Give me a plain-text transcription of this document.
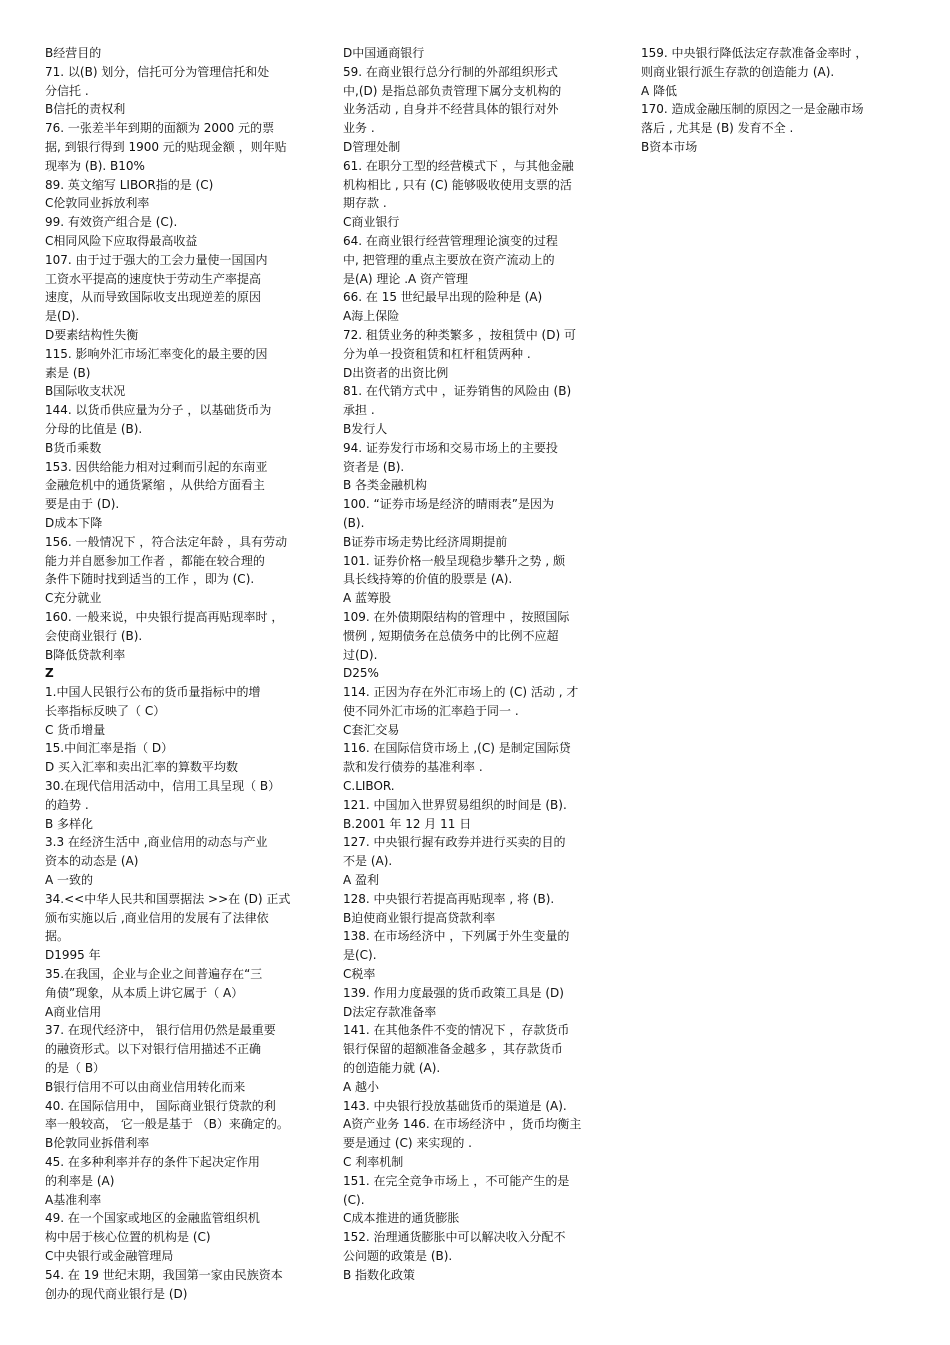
B经营目的
71. 以(B) 划分，信托可分为管理信托和处
分信托 .
B信托的责权利
76. 一张差半年到期的面额为 2000 元的票
据, 到银行得到 1900 元的贴现金额 ，则年贴
现率为 (B). B10%
89. 英文缩写 LIBOR指的是 (C)
C伦敦同业拆放利率
99. 有效资产组合是 (C).
C相同风险下应取得最高收益
107. 由于过于强大的工会力量使一国国内
工资水平提高的速度快于劳动生产率提高
速度，从而导致国际收支出现逆差的原因
是(D).
D要素结构性失衡
115. 影响外汇市场汇率变化的最主要的因
素是 (B)
B国际收支状况
144. 以货币供应量为分子 ，以基础货币为
分母的比值是 (B).
B货币乘数
153. 因供给能力相对过剩而引起的东南亚
金融危机中的通货紧缩 ，从供给方面看主
要是由于 (D).
D成本下降
156. 一般情况下 ，符合法定年龄 ，具有劳动
能力并自愿参加工作者 ，都能在较合理的
条件下随时找到适当的工作 ，即为 (C).
C充分就业
160. 一般来说，中央银行提高再贴现率时 ，
会使商业银行 (B).
B降低贷款利率
Z
1.中国人民银行公布的货币量指标中的增
长率指标反映了（ C）
C 货币增量
15.中间汇率是指（ D）
D 买入汇率和卖出汇率的算数平均数
30.在现代信用活动中，信用工具呈现（ B）
的趋势 .
B 多样化
3.3 在经济生活中 ,商业信用的动态与产业
资本的动态是 (A)
A 一致的
34.<<中华人民共和国票据法 >>在 (D) 正式
颁布实施以后 ,商业信用的发展有了法律依
据。
D1995 年
35.在我国，企业与企业之间普遍存在“三
角债”现象，从本质上讲它属于（ A）
A商业信用
37. 在现代经济中， 银行信用仍然是最重要
的融资形式。以下对银行信用描述不正确
的是（ B）
B银行信用不可以由商业信用转化而来
40. 在国际信用中， 国际商业银行贷款的利
率一般较高， 它一般是基于 （B）来确定的。
B伦敦同业拆借利率
45. 在多种利率并存的条件下起决定作用
的利率是 (A)
A基准利率
49. 在一个国家或地区的金融监管组织机
构中居于核心位置的机构是 (C)
C中央银行或金融管理局
54. 在 19 世纪末期，我国第一家由民族资本
创办的现代商业银行是 (D)
D中国通商银行
59. 在商业银行总分行制的外部组织形式
中,(D) 是指总部负责管理下属分支机构的
业务活动 , 自身并不经营具体的银行对外
业务 .
D管理处制
61. 在职分工型的经营模式下 ，与其他金融
机构相比 , 只有 (C) 能够吸收使用支票的活
期存款 .
C商业银行
64. 在商业银行经营管理理论演变的过程
中, 把管理的重点主要放在资产流动上的
是(A) 理论 .A 资产管理
66. 在 15 世纪最早出现的险种是 (A)
A海上保险
72. 租赁业务的种类繁多 ，按租赁中 (D) 可
分为单一投资租赁和杠杆租赁两种 .
D出资者的出资比例
81. 在代销方式中 ，证券销售的风险由 (B)
承担 .
B发行人
94. 证券发行市场和交易市场上的主要投
资者是 (B).
B 各类金融机构
100. “证券市场是经济的晴雨表”是因为
(B).
B证券市场走势比经济周期提前
101. 证券价格一般呈现稳步攀升之势 , 颇
具长线持筹的价值的股票是 (A).
A 蓝筹股
109. 在外债期限结构的管理中 ，按照国际
惯例 , 短期债务在总债务中的比例不应超
过(D).
D25%
114. 正因为存在外汇市场上的 (C) 活动 , 才
使不同外汇市场的汇率趋于同一 .
C套汇交易
116. 在国际信贷市场上 ,(C) 是制定国际贷
款和发行债券的基准利率 .
C.LIBOR.
121. 中国加入世界贸易组织的时间是 (B).
B.2001 年 12 月 11 日
127. 中央银行握有政券并进行买卖的目的
不是 (A).
A 盈利
128. 中央银行若提高再贴现率 , 将 (B).
B迫使商业银行提高贷款利率
138. 在市场经济中 ，下列属于外生变量的
是(C).
C税率
139. 作用力度最强的货币政策工具是 (D)
D法定存款准备率
141. 在其他条件不变的情况下 ，存款货币
银行保留的超额准备金越多 ，其存款货币
的创造能力就 (A).
A 越小
143. 中央银行投放基础货币的渠道是 (A).
A资产业务 146. 在市场经济中 ，货币均衡主
要是通过 (C) 来实现的 .
C 利率机制
151. 在完全竞争市场上 ，不可能产生的是
(C).
C成本推进的通货膨胀
152. 治理通货膨胀中可以解决收入分配不
公问题的政策是 (B).
B 指数化政策
159. 中央银行降低法定存款准备金率时 ，
则商业银行派生存款的创造能力 (A).
A 降低
170. 造成金融压制的原因之一是金融市场
落后 , 尤其是 (B) 发育不全 .
B资本市场
